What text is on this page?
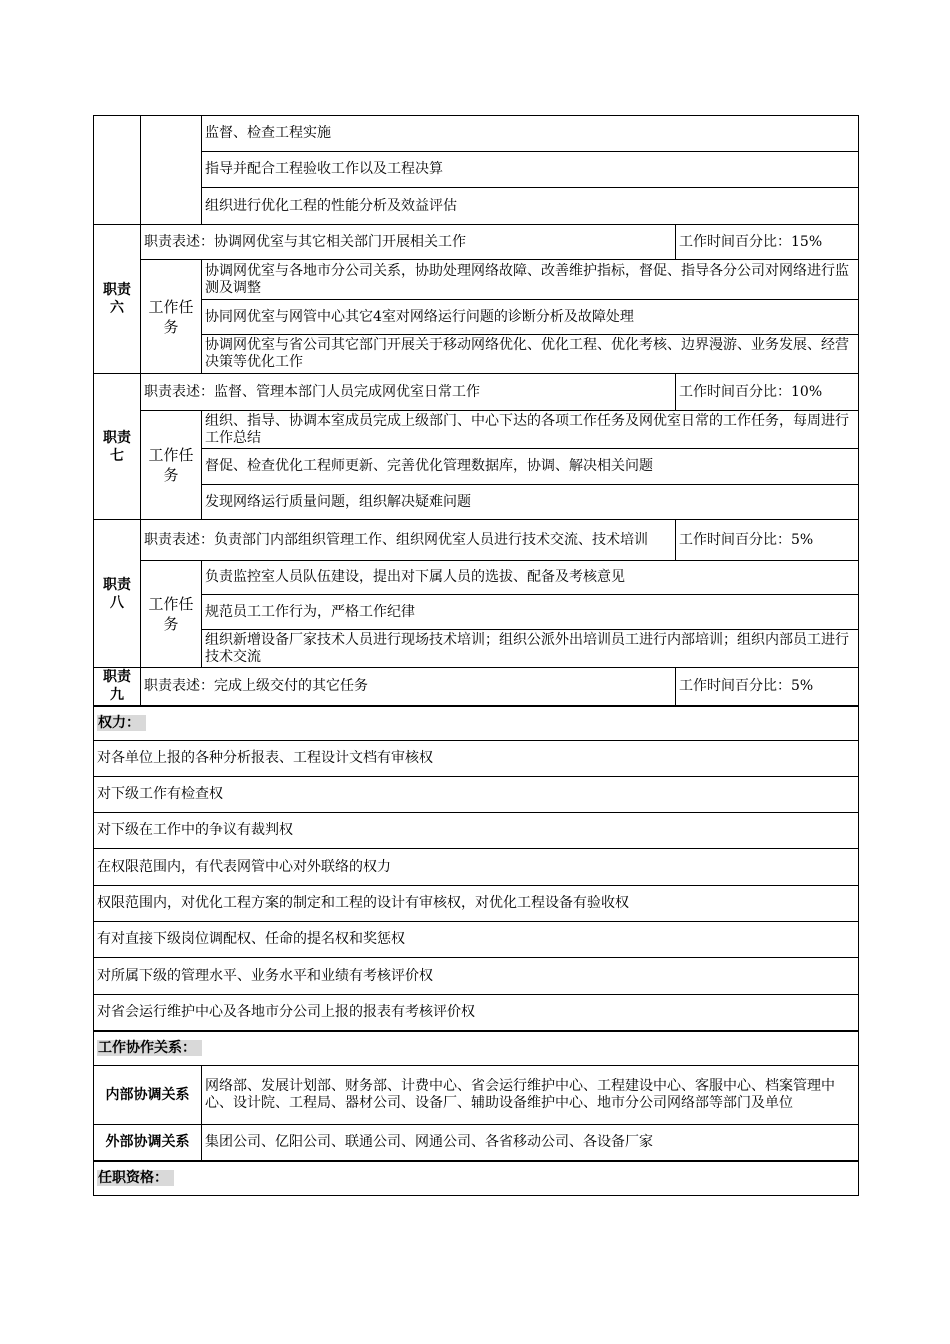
		监督、检查工程实施	
		指导并配合工程验收工作以及工程决算	
		组织进行优化工程的性能分析及效益评估	

职责六	职责表述：协调网优室与其它相关部门开展相关工作		工作时间百分比：15%
	工作任务	协调网优室与各地市分公司关系，协助处理网络故障、改善维护指标，督促、指导各分公司对网络进行监测及调整	
		协同网优室与网管中心其它4室对网络运行问题的诊断分析及故障处理	
		协调网优室与省公司其它部门开展关于移动网络优化、优化工程、优化考核、边界漫游、业务发展、经营决策等优化工作	

职责七	职责表述：监督、管理本部门人员完成网优室日常工作		工作时间百分比：10%
	工作任务	组织、指导、协调本室成员完成上级部门、中心下达的各项工作任务及网优室日常的工作任务，每周进行工作总结	
		督促、检查优化工程师更新、完善优化管理数据库，协调、解决相关问题	
		发现网络运行质量问题，组织解决疑难问题	

职责八	职责表述：负责部门内部组织管理工作、组织网优室人员进行技术交流、技术培训		工作时间百分比：5%
	工作任务	负责监控室人员队伍建设，提出对下属人员的选拔、配备及考核意见	
		规范员工工作行为，严格工作纪律	
		组织新增设备厂家技术人员进行现场技术培训；组织公派外出培训员工进行内部培训；组织内部员工进行技术交流	
职责九	职责表述：完成上级交付的其它任务		工作时间百分比：5%
权力：			
对各单位上报的各种分析报表、工程设计文档有审核权			
对下级工作有检查权			
对下级在工作中的争议有裁判权			
在权限范围内，有代表网管中心对外联络的权力			
权限范围内，对优化工程方案的制定和工程的设计有审核权，对优化工程设备有验收权			
有对直接下级岗位调配权、任命的提名权和奖惩权			
对所属下级的管理水平、业务水平和业绩有考核评价权			
对省会运行维护中心及各地市分公司上报的报表有考核评价权			
工作协作关系：			
内部协调关系		网络部、发展计划部、财务部、计费中心、省会运行维护中心、工程建设中心、客服中心、档案管理中心、设计院、工程局、器材公司、设备厂、辅助设备维护中心、地市分公司网络部等部门及单位	
外部协调关系		集团公司、亿阳公司、联通公司、网通公司、各省移动公司、各设备厂家	
任职资格：			
